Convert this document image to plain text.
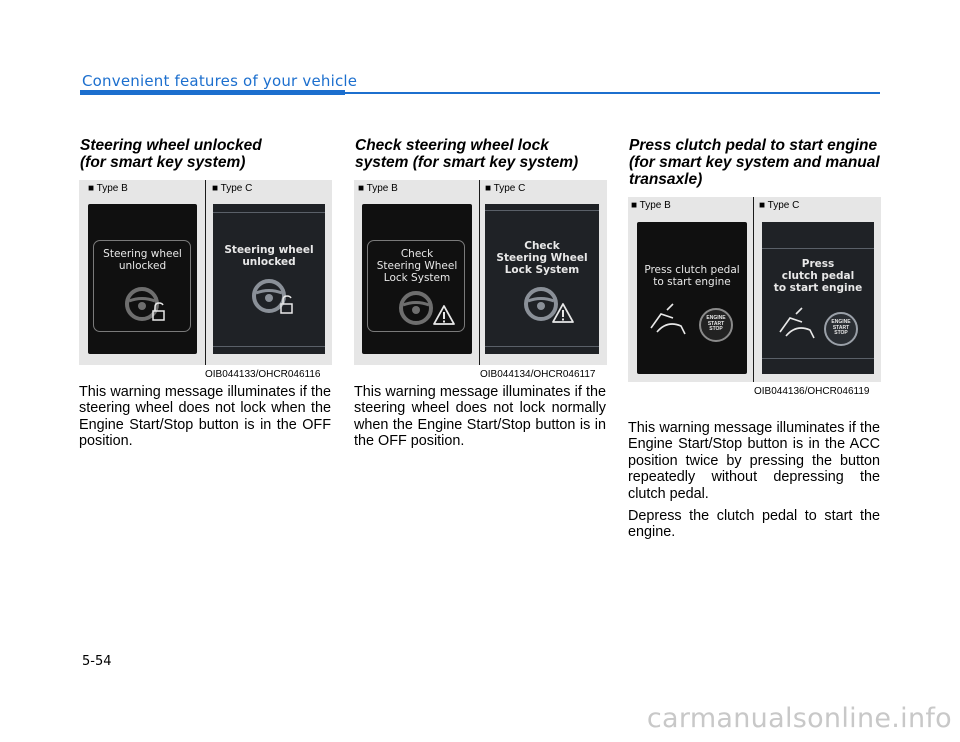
Convenient features of your vehicle
Steering wheel unlocked
(for smart key system)
■ Type B	■ Type C
Steering wheel
unlocked
Steering wheel
unlocked
OIB044133/OHCR046116

This warning message illuminates if the steering wheel does not lock when the Engine Start/Stop button is in the OFF position.

Check steering wheel lock
system (for smart key system)
■ Type B	■ Type C
Check
Steering Wheel
Lock System
Check
Steering Wheel
Lock System
OIB044134/OHCR046117

This warning message illuminates if the steering wheel does not lock normally when the Engine Start/Stop button is in the OFF position.

Press clutch pedal to start engine
(for smart key system and manual
transaxle)
■ Type B	■ Type C
Press clutch pedal
to start engine
ENGINE
START
STOP
Press
clutch pedal
to start engine
ENGINE
START
STOP
OIB044136/OHCR046119

This warning message illuminates if the Engine Start/Stop button is in the ACC position twice by pressing the button repeatedly without depressing the clutch pedal.

Depress the clutch pedal to start the engine.

5-54
carmanualsonline.info
